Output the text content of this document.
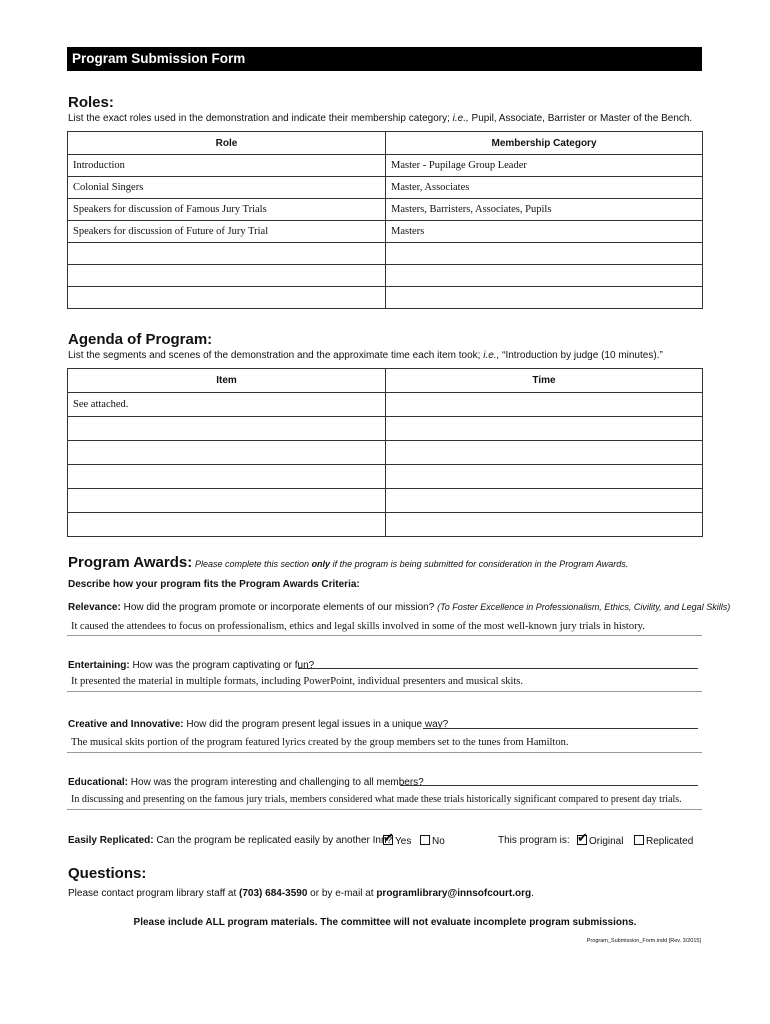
Program Submission Form
Roles:
List the exact roles used in the demonstration and indicate their membership category; i.e., Pupil, Associate, Barrister or Master of the Bench.
Role	Membership Category
Introduction	Master - Pupilage Group Leader
Colonial Singers	Master, Associates
Speakers for discussion of Famous Jury Trials	Masters, Barristers, Associates, Pupils
Speakers for discussion of Future of Jury Trial	Masters

Agenda of Program:
List the segments and scenes of the demonstration and the approximate time each item took; i.e., “Introduction by judge (10 minutes).”
Item	Time
See attached.	

Program Awards: Please complete this section only if the program is being submitted for consideration in the Program Awards.
Describe how your program fits the Program Awards Criteria:
Relevance: How did the program promote or incorporate elements of our mission? (To Foster Excellence in Professionalism, Ethics, Civility, and Legal Skills)
It caused the attendees to focus on professionalism, ethics and legal skills involved in some of the most well-known jury trials in history.
Entertaining: How was the program captivating or fun?
It presented the material in multiple formats, including PowerPoint, individual presenters and musical skits.
Creative and Innovative: How did the program present legal issues in a unique way?
The musical skits portion of the program featured lyrics created by the group members set to the tunes from Hamilton.
Educational: How was the program interesting and challenging to all members?
In discussing and presenting on the famous jury trials, members considered what made these trials historically significant compared to present day trials.
Easily Replicated: Can the program be replicated easily by another Inn? ✔ Yes	No	This program is: ✔	Original	Replicated
Questions:
Please contact program library staff at (703) 684-3590 or by e-mail at programlibrary@innsofcourt.org.
Please include ALL program materials. The committee will not evaluate incomplete program submissions.
Program_Submission_Form.indd [Rev. 3/2015]
